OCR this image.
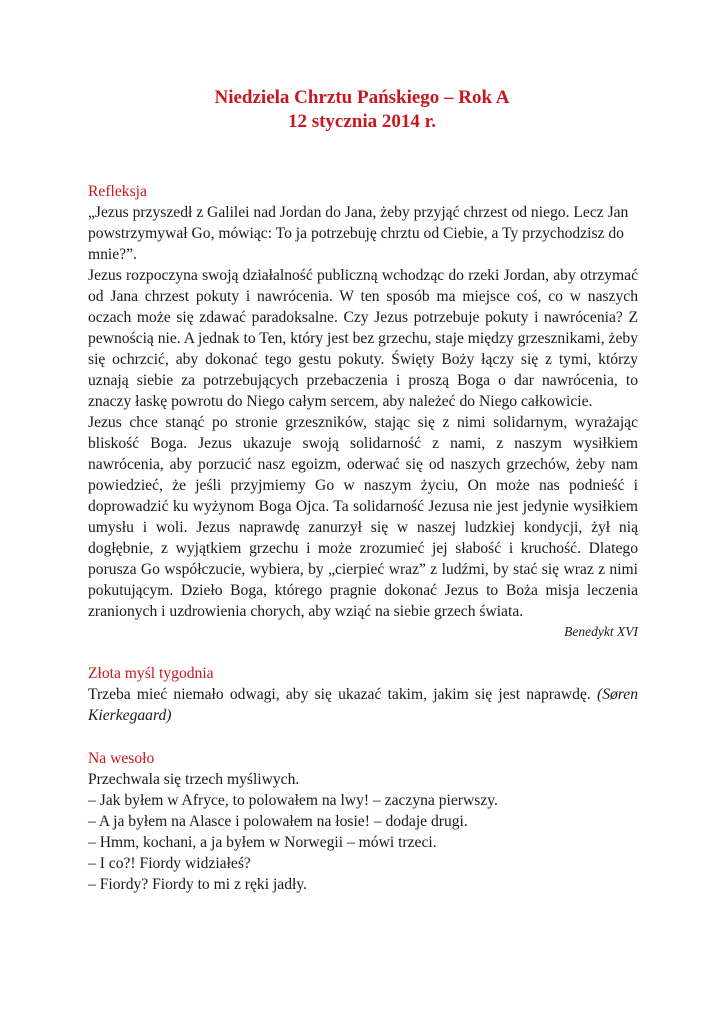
Niedziela Chrztu Pańskiego – Rok A
12 stycznia 2014 r.
Refleksja
„Jezus przyszedł z Galilei nad Jordan do Jana, żeby przyjąć chrzest od niego. Lecz Jan powstrzymywał Go, mówiąc: To ja potrzebuję chrztu od Ciebie, a Ty przychodzisz do mnie?”.
Jezus rozpoczyna swoją działalność publiczną wchodząc do rzeki Jordan, aby otrzymać od Jana chrzest pokuty i nawrócenia. W ten sposób ma miejsce coś, co w naszych oczach może się zdawać paradoksalne. Czy Jezus potrzebuje pokuty i nawrócenia? Z pewnością nie. A jednak to Ten, który jest bez grzechu, staje między grzesznikami, żeby się ochrzcić, aby dokonać tego gestu pokuty. Święty Boży łączy się z tymi, którzy uznają siebie za potrzebujących przebaczenia i proszą Boga o dar nawrócenia, to znaczy łaskę powrotu do Niego całym sercem, aby należeć do Niego całkowicie.
Jezus chce stanąć po stronie grzeszników, stając się z nimi solidarnym, wyrażając bliskość Boga. Jezus ukazuje swoją solidarność z nami, z naszym wysiłkiem nawrócenia, aby porzucić nasz egoizm, oderwać się od naszych grzechów, żeby nam powiedzieć, że jeśli przyjmiemy Go w naszym życiu, On może nas podnieść i doprowadzić ku wyżynom Boga Ojca. Ta solidarność Jezusa nie jest jedynie wysiłkiem umysłu i woli. Jezus naprawdę zanurzył się w naszej ludzkiej kondycji, żył nią dogłębnie, z wyjątkiem grzechu i może zrozumieć jej słabość i kruchość. Dlatego porusza Go współczucie, wybiera, by „cierpieć wraz” z ludźmi, by stać się wraz z nimi pokutującym. Dzieło Boga, którego pragnie dokonać Jezus to Boża misja leczenia zranionych i uzdrowienia chorych, aby wziąć na siebie grzech świata.
Benedykt XVI
Złota myśl tygodnia
Trzeba mieć niemało odwagi, aby się ukazać takim, jakim się jest naprawdę. (Søren Kierkegaard)
Na wesoło
Przechwala się trzech myśliwych.
– Jak byłem w Afryce, to polowałem na lwy! – zaczyna pierwszy.
– A ja byłem na Alasce i polowałem na łosie! – dodaje drugi.
– Hmm, kochani, a ja byłem w Norwegii – mówi trzeci.
– I co?! Fiordy widziałeś?
– Fiordy? Fiordy to mi z ręki jadły.
